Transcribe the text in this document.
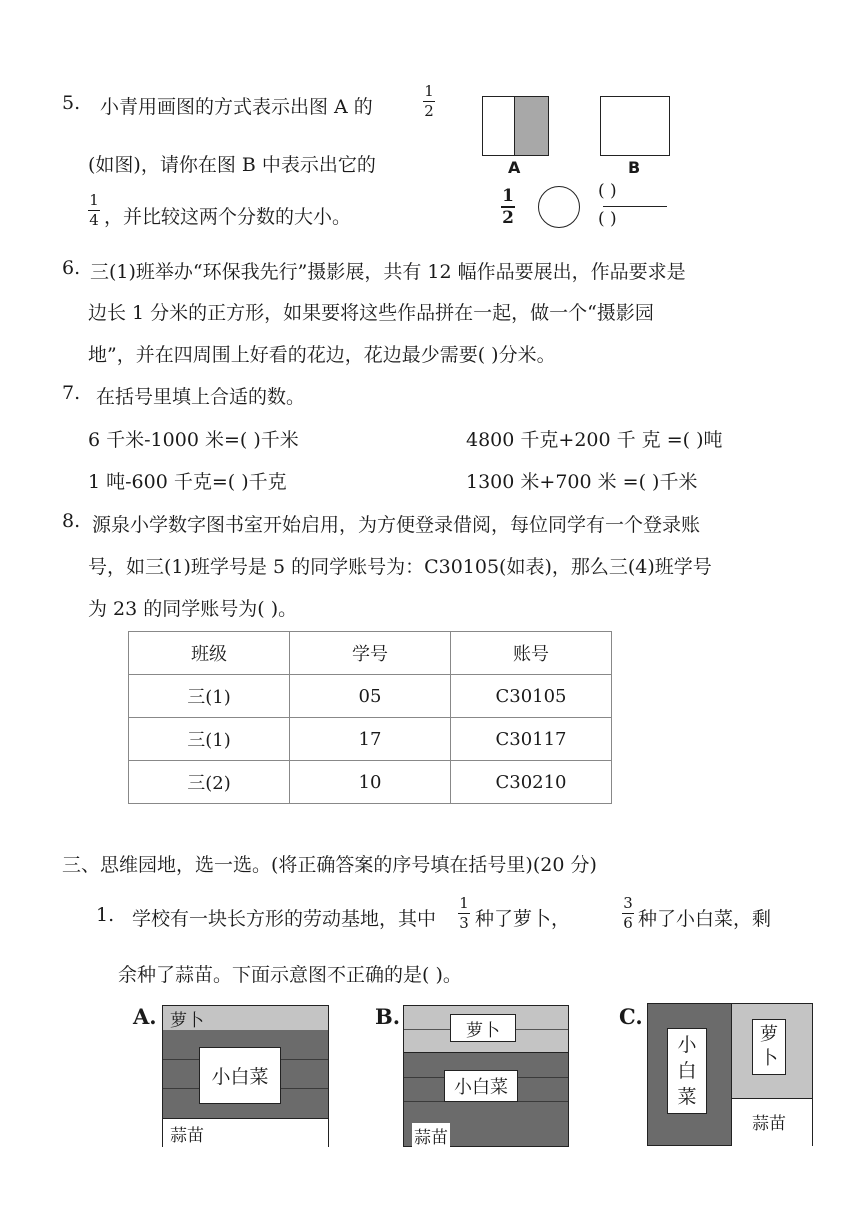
5. 小青用画图的方式表示出图 A 的
1
2
(如图)，请你在图 B 中表示出它的
1
4 ，并比较这两个分数的大小。
A	B
1
2
( )
( )
6. 三(1)班举办“环保我先行”摄影展，共有 12 幅作品要展出，作品要求是
边长 1 分米的正方形，如果要将这些作品拼在一起，做一个“摄影园
地”，并在四周围上好看的花边，花边最少需要( )分米。
7. 在括号里填上合适的数。
6 千米-1000 米=( )千米	4800 千克+200 千 克 =( )吨
1 吨-600 千克=( )千克	1300 米+700 米 =( )千米
8. 源泉小学数字图书室开始启用，为方便登录借阅，每位同学有一个登录账
号，如三(1)班学号是 5 的同学账号为：C30105(如表)，那么三(4)班学号
为 23 的同学账号为( )。
班级	学号	账号
三(1)	05	C30105
三(1)	17	C30117
三(2)	10	C30210
三、思维园地，选一选。(将正确答案的序号填在括号里)(20 分)
1. 学校有一块长方形的劳动基地，其中
1
3 种了萝卜，
3
6 种了小白菜，剩
余种了蒜苗。下面示意图不正确的是( )。
A. 萝卜
小白菜
蒜苗
B.
萝卜
小白菜
蒜苗
C.
小
白
菜
萝
卜
蒜苗
